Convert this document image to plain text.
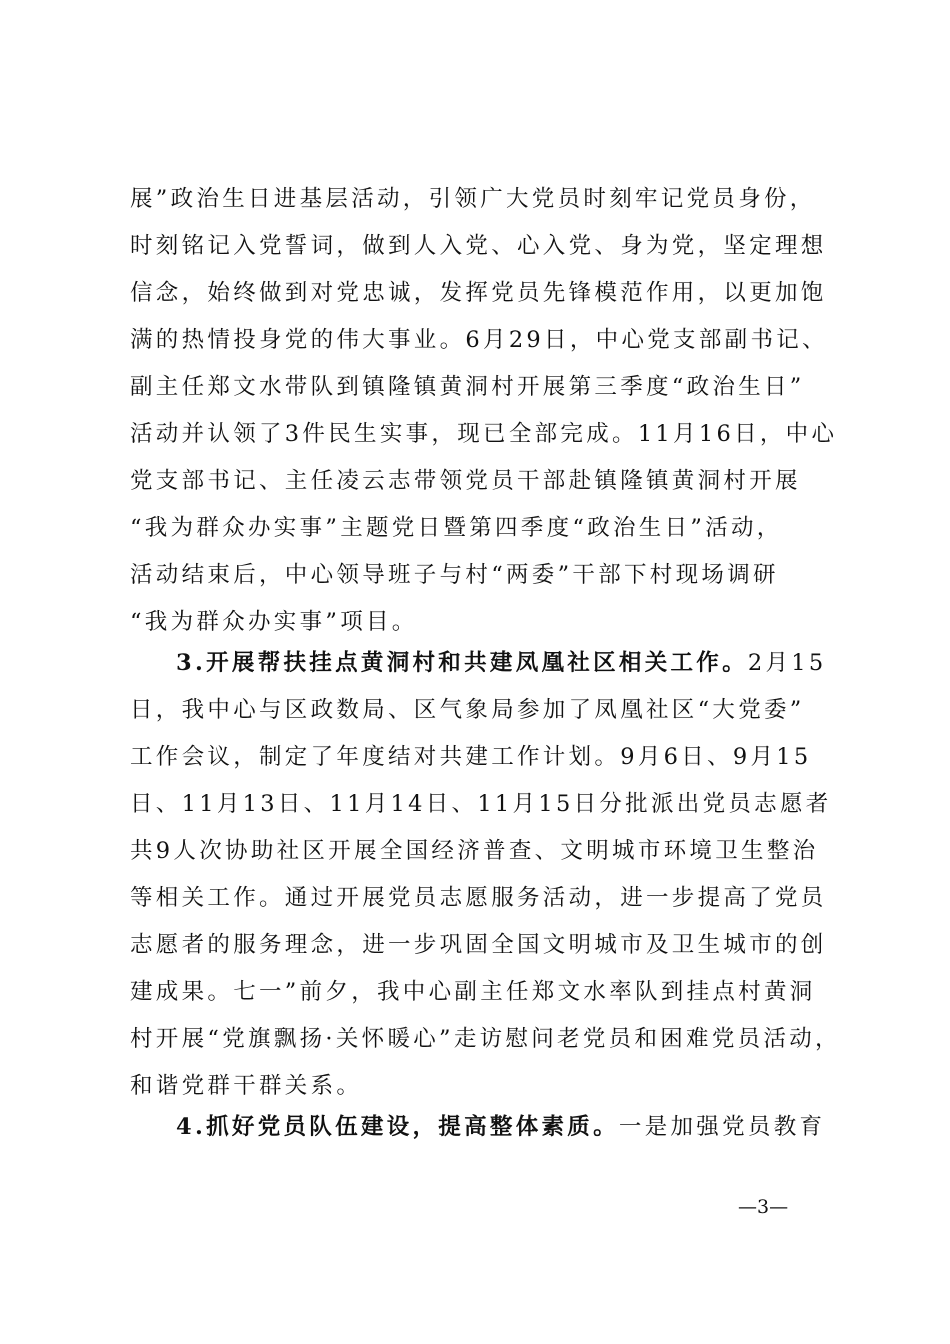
展”政治生日进基层活动，引领广大党员时刻牢记党员身份，
时刻铭记入党誓词，做到人入党、心入党、身为党，坚定理想
信念，始终做到对党忠诚，发挥党员先锋模范作用，以更加饱
满的热情投身党的伟大事业。6月29日，中心党支部副书记、
副主任郑文水带队到镇隆镇黄洞村开展第三季度“政治生日”
活动并认领了3件民生实事，现已全部完成。11月16日，中心
党支部书记、主任凌云志带领党员干部赴镇隆镇黄洞村开展
“我为群众办实事”主题党日暨第四季度“政治生日”活动，
活动结束后，中心领导班子与村“两委”干部下村现场调研
“我为群众办实事”项目。
3.开展帮扶挂点黄洞村和共建凤凰社区相关工作。2月15
日，我中心与区政数局、区气象局参加了凤凰社区“大党委”
工作会议，制定了年度结对共建工作计划。9月6日、9月15
日、11月13日、11月14日、11月15日分批派出党员志愿者
共9人次协助社区开展全国经济普查、文明城市环境卫生整治
等相关工作。通过开展党员志愿服务活动，进一步提高了党员
志愿者的服务理念，进一步巩固全国文明城市及卫生城市的创
建成果。七一”前夕，我中心副主任郑文水率队到挂点村黄洞
村开展“党旗飘扬·关怀暖心”走访慰问老党员和困难党员活动，
和谐党群干群关系。
4.抓好党员队伍建设，提高整体素质。一是加强党员教育
—3—
